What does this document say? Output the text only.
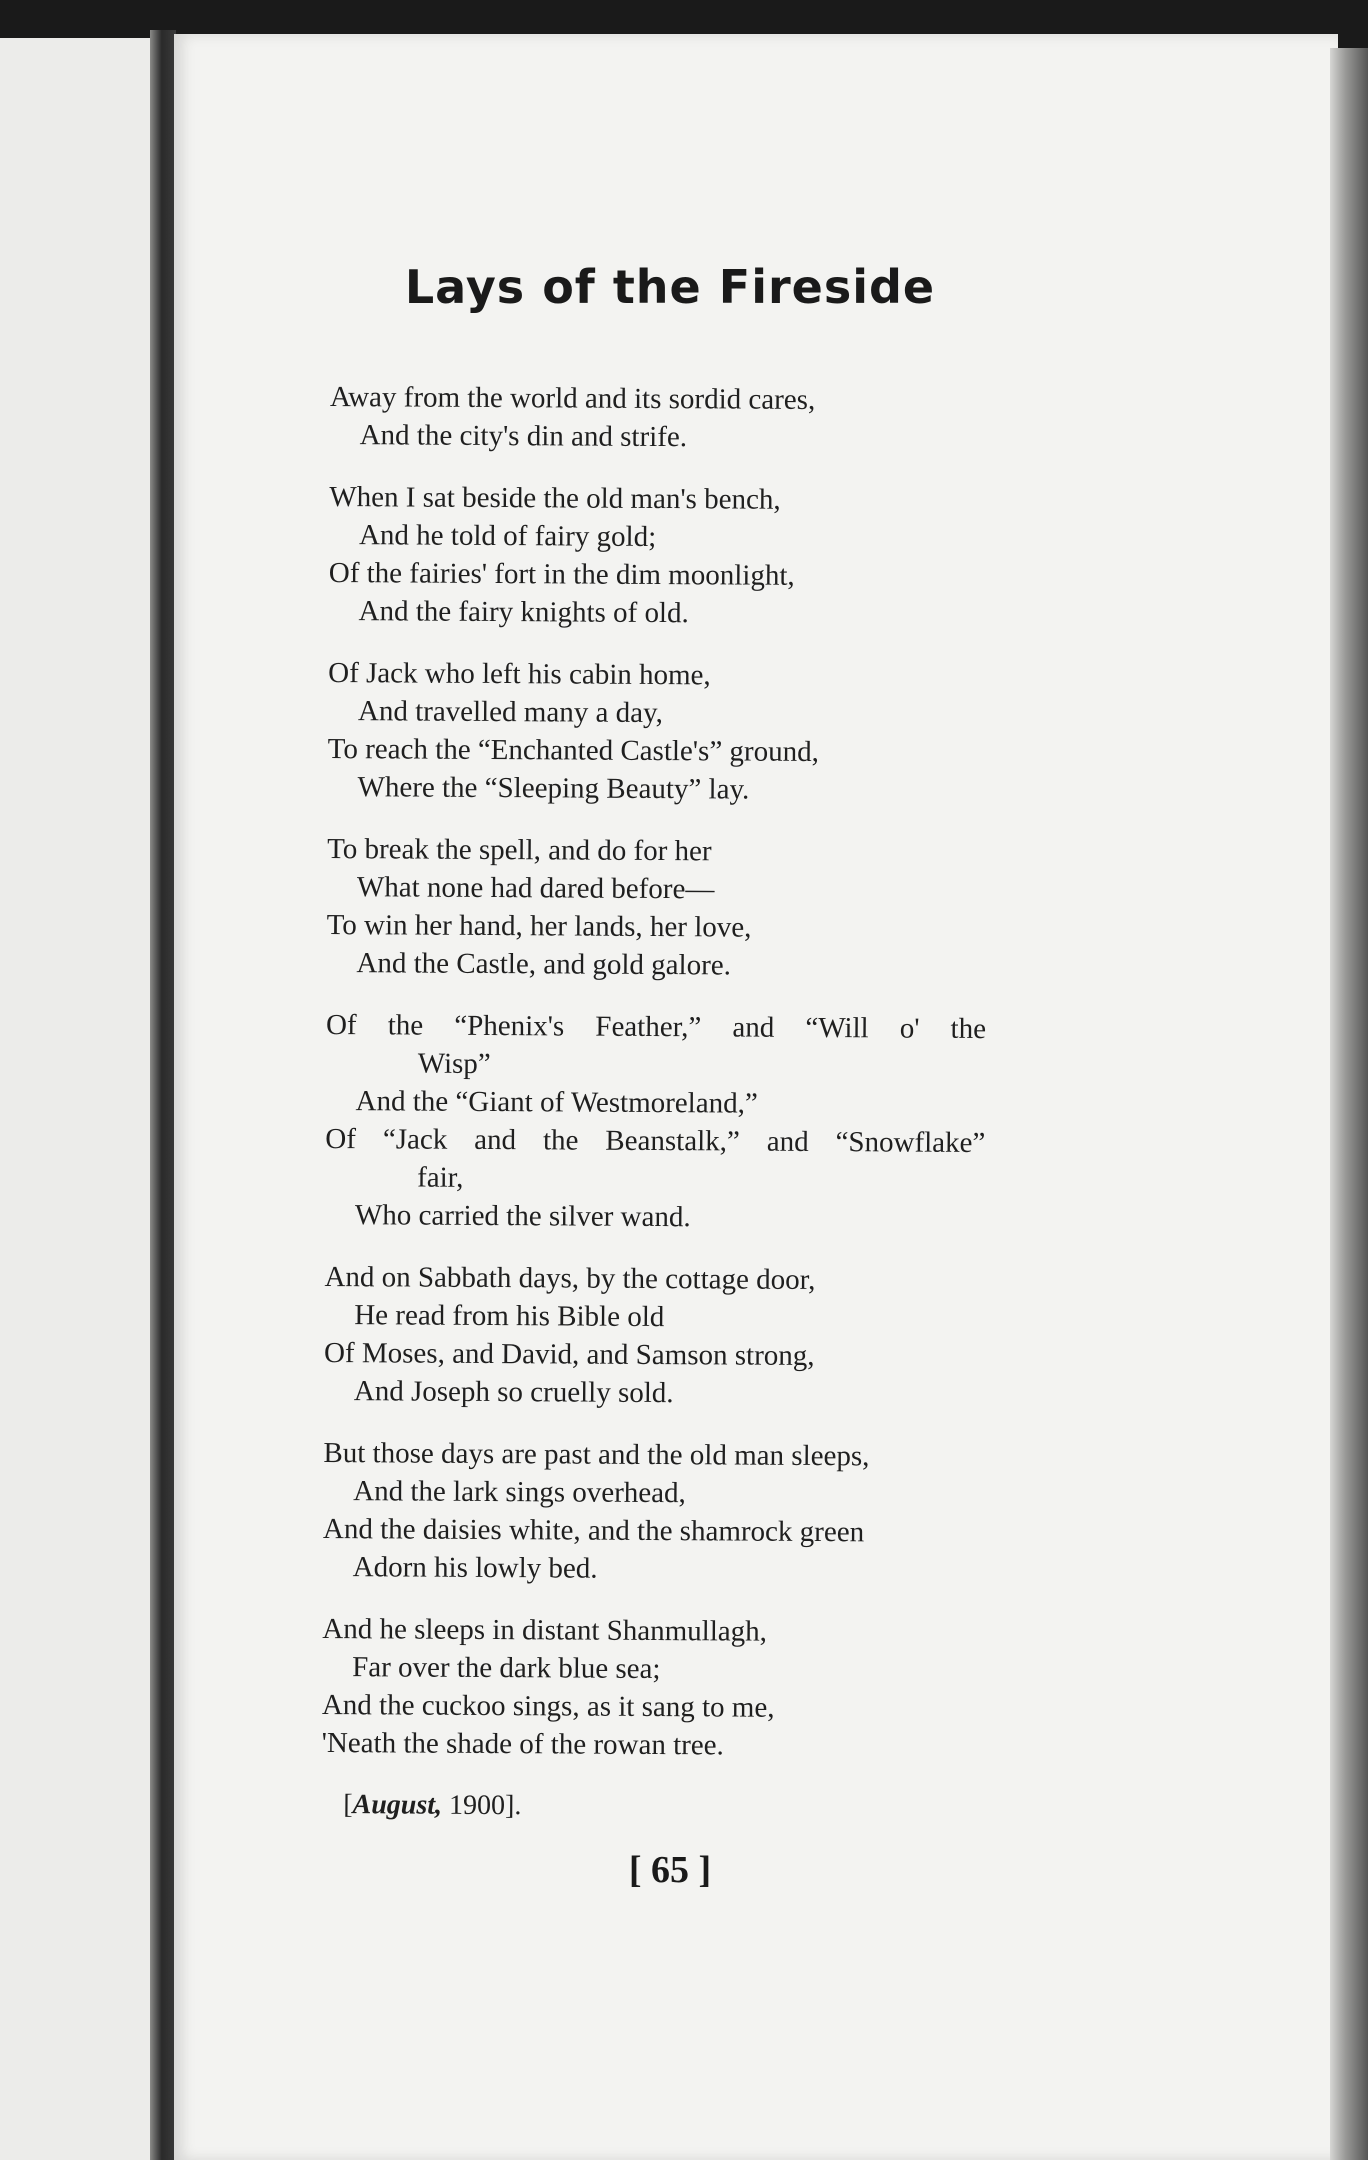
Lays of the Fireside
Away from the world and its sordid cares,
And the city's din and strife.
When I sat beside the old man's bench,
And he told of fairy gold;
Of the fairies' fort in the dim moonlight,
And the fairy knights of old.
Of Jack who left his cabin home,
And travelled many a day,
To reach the “Enchanted Castle's” ground,
Where the “Sleeping Beauty” lay.
To break the spell, and do for her
What none had dared before—
To win her hand, her lands, her love,
And the Castle, and gold galore.
Of the “Phenix's Feather,” and “Will o' the
Wisp”
And the “Giant of Westmoreland,”
Of “Jack and the Beanstalk,” and “Snowflake”
fair,
Who carried the silver wand.
And on Sabbath days, by the cottage door,
He read from his Bible old
Of Moses, and David, and Samson strong,
And Joseph so cruelly sold.
But those days are past and the old man sleeps,
And the lark sings overhead,
And the daisies white, and the shamrock green
Adorn his lowly bed.
And he sleeps in distant Shanmullagh,
Far over the dark blue sea;
And the cuckoo sings, as it sang to me,
'Neath the shade of the rowan tree.
[August, 1900].
[ 65 ]
